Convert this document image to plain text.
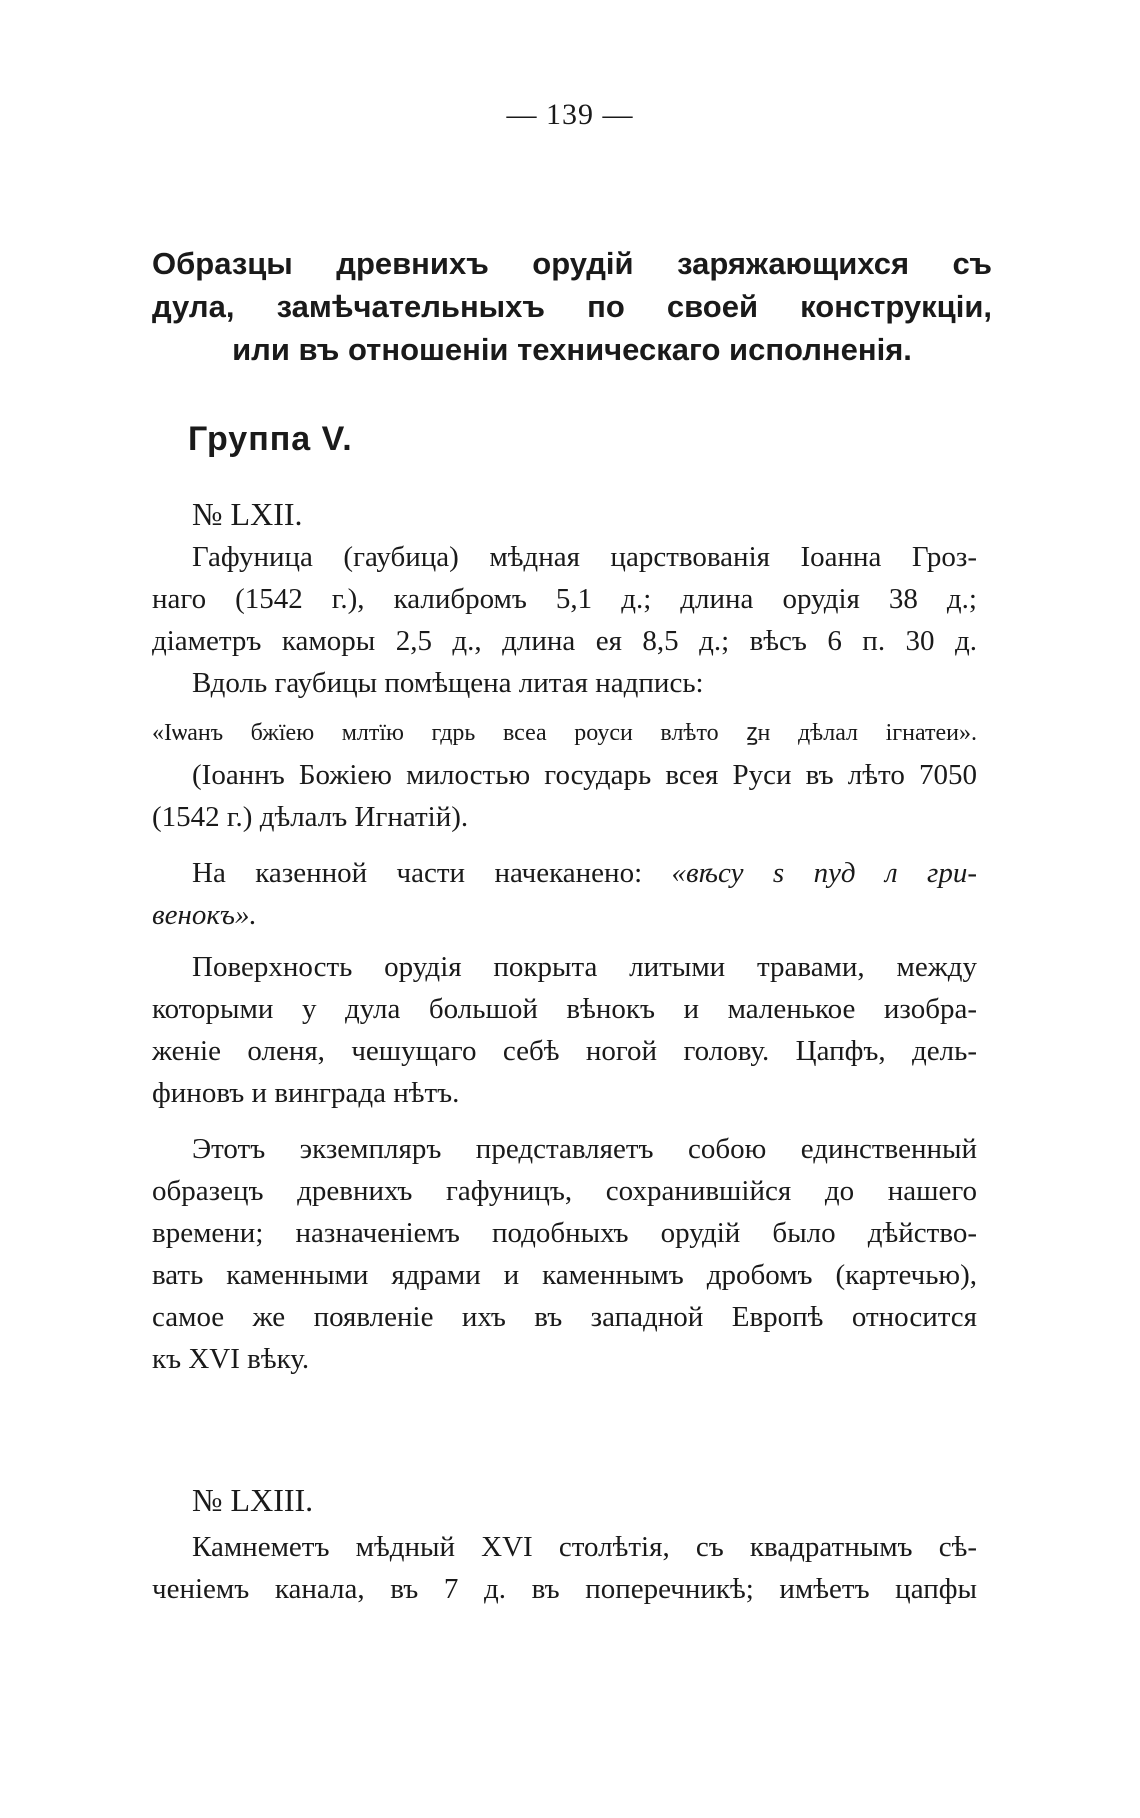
— 139 —
Образцы древнихъ орудій заряжающихся съ
дула, замѣчательныхъ по своей конструкціи,
или въ отношеніи техническаго исполненія.
Группа V.
№ LXII.
Гафуница (гаубица) мѣдная царствованія Іоанна Гроз-
наго (1542 г.), калибромъ 5,1 д.; длина орудія 38 д.;
діаметръ каморы 2,5 д., длина ея 8,5 д.; вѣсъ 6 п. 30 д.
Вдоль гаубицы помѣщена литая надпись:
«Іѡанъ бжїею млтїю гдрь всеа роуси влѣто ꙁн дѣлал ігнатеи».
(Іоаннъ Божіею милостью государь всея Руси въ лѣто 7050
(1542 г.) дѣлалъ Игнатій).
На казенной части начеканено: «вѣсу ѕ пуд л гри-
венокъ».
Поверхность орудія покрыта литыми травами, между
которыми у дула большой вѣнокъ и маленькое изобра-
женіе оленя, чешущаго себѣ ногой голову. Цапфъ, дель-
финовъ и винграда нѣтъ.
Этотъ экземпляръ представляетъ собою единственный
образецъ древнихъ гафуницъ, сохранившійся до нашего
времени; назначеніемъ подобныхъ орудій было дѣйство-
вать каменными ядрами и каменнымъ дробомъ (картечью),
самое же появленіе ихъ въ западной Европѣ относится
къ XVI вѣку.
№ LXIII.
Камнеметъ мѣдный XVI столѣтія, съ квадратнымъ сѣ-
ченіемъ канала, въ 7 д. въ поперечникѣ; имѣетъ цапфы
